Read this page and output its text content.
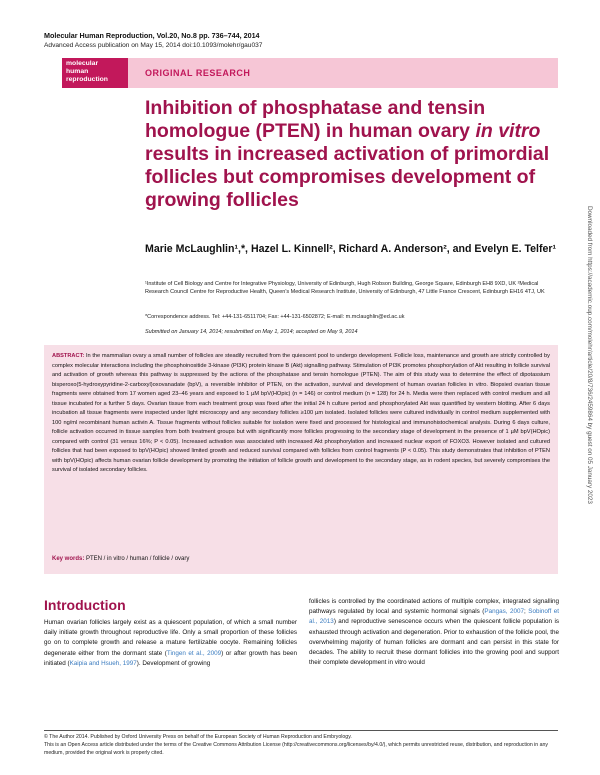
Molecular Human Reproduction, Vol.20, No.8 pp. 736–744, 2014
Advanced Access publication on May 15, 2014 doi:10.1093/molehr/gau037
molecular
human
reproduction
ORIGINAL RESEARCH
Inhibition of phosphatase and tensin homologue (PTEN) in human ovary in vitro results in increased activation of primordial follicles but compromises development of growing follicles
Marie McLaughlin¹,*, Hazel L. Kinnell², Richard A. Anderson², and Evelyn E. Telfer¹
¹Institute of Cell Biology and Centre for Integrative Physiology, University of Edinburgh, Hugh Robson Building, George Square, Edinburgh EH8 9XD, UK ²Medical Research Council Centre for Reproductive Health, Queen's Medical Research Institute, University of Edinburgh, 47 Little France Crescent, Edinburgh EH16 4TJ, UK
*Correspondence address. Tel: +44-131-6511704; Fax: +44-131-6502872; E-mail: m.mclaughlin@ed.ac.uk
Submitted on January 14, 2014; resubmitted on May 1, 2014; accepted on May 9, 2014

ABSTRACT: In the mammalian ovary a small number of follicles are steadily recruited from the quiescent pool to undergo development. Follicle loss, maintenance and growth are strictly controlled by complex molecular interactions including the phosphoinositide 3-kinase (PI3K) protein kinase B (Akt) signalling pathway. Stimulation of PI3K promotes phosphorylation of Akt resulting in follicle survival and activation of growth whereas this pathway is suppressed by the actions of the phosphatase and tensin homologue (PTEN). The aim of this study was to determine the effect of dipotassium bisperoxo(5-hydroxypyridine-2-carboxyl)oxovanadate (bpV), a reversible inhibitor of PTEN, on the activation, survival and development of human ovarian follicles in vitro. Biopsied ovarian tissue fragments were obtained from 17 women aged 23–46 years and exposed to 1 µM bpV(HOpic) (n = 146) or control medium (n = 128) for 24 h. Media were then replaced with control medium and all tissue incubated for a further 5 days. Ovarian tissue from each treatment group was fixed after the initial 24 h culture period and phosphorylated Akt was quantified by western blotting. After 6 days incubation all tissue fragments were inspected under light microscopy and any secondary follicles ≥100 µm isolated. Isolated follicles were cultured individually in control medium supplemented with 100 ng/ml recombinant human activin A. Tissue fragments without follicles suitable for isolation were fixed and processed for histological and immunohistochemical analysis. During 6 days culture, follicle activation occurred in tissue samples from both treatment groups but with significantly more follicles progressing to the secondary stage of development in the presence of 1 µM bpV(HOpic) compared with control (31 versus 16%; P < 0.05). Increased activation was associated with increased Akt phosphorylation and increased nuclear export of FOXO3. However isolated and cultured follicles that had been exposed to bpV(HOpic) showed limited growth and reduced survival compared with follicles from control fragments (P < 0.05). This study demonstrates that inhibition of PTEN with bpV(HOpic) affects human ovarian follicle development by promoting the initiation of follicle growth and development to the secondary stage, as in rodent species, but severely compromises the survival of isolated secondary follicles.

Key words: PTEN / in vitro / human / follicle / ovary
Introduction

Human ovarian follicles largely exist as a quiescent population, of which a small number daily initiate growth throughout reproductive life. Only a small proportion of these follicles go on to complete growth and release a mature fertilizable oocyte. Remaining follicles degenerate either from the dormant state (Tingen et al., 2009) or after growth has been initiated (Kaipia and Hsueh, 1997). Development of growing

follicles is controlled by the coordinated actions of multiple complex, integrated signalling pathways regulated by local and systemic hormonal signals (Pangas, 2007; Sobinoff et al., 2013) and reproductive senescence occurs when the quiescent follicle population is exhausted through activation and degeneration. Prior to exhaustion of the follicle pool, the overwhelming majority of human follicles are dormant and can persist in this state for decades. The ability to recruit these dormant follicles into the growing pool and support their complete development in vitro would

© The Author 2014. Published by Oxford University Press on behalf of the European Society of Human Reproduction and Embryology.
This is an Open Access article distributed under the terms of the Creative Commons Attribution License (http://creativecommons.org/licenses/by/4.0/), which permits unrestricted reuse, distribution, and reproduction in any medium, provided the original work is properly cited.
Downloaded from https://academic.oup.com/molehr/article/20/8/736/2459864 by guest on 05 January 2023
